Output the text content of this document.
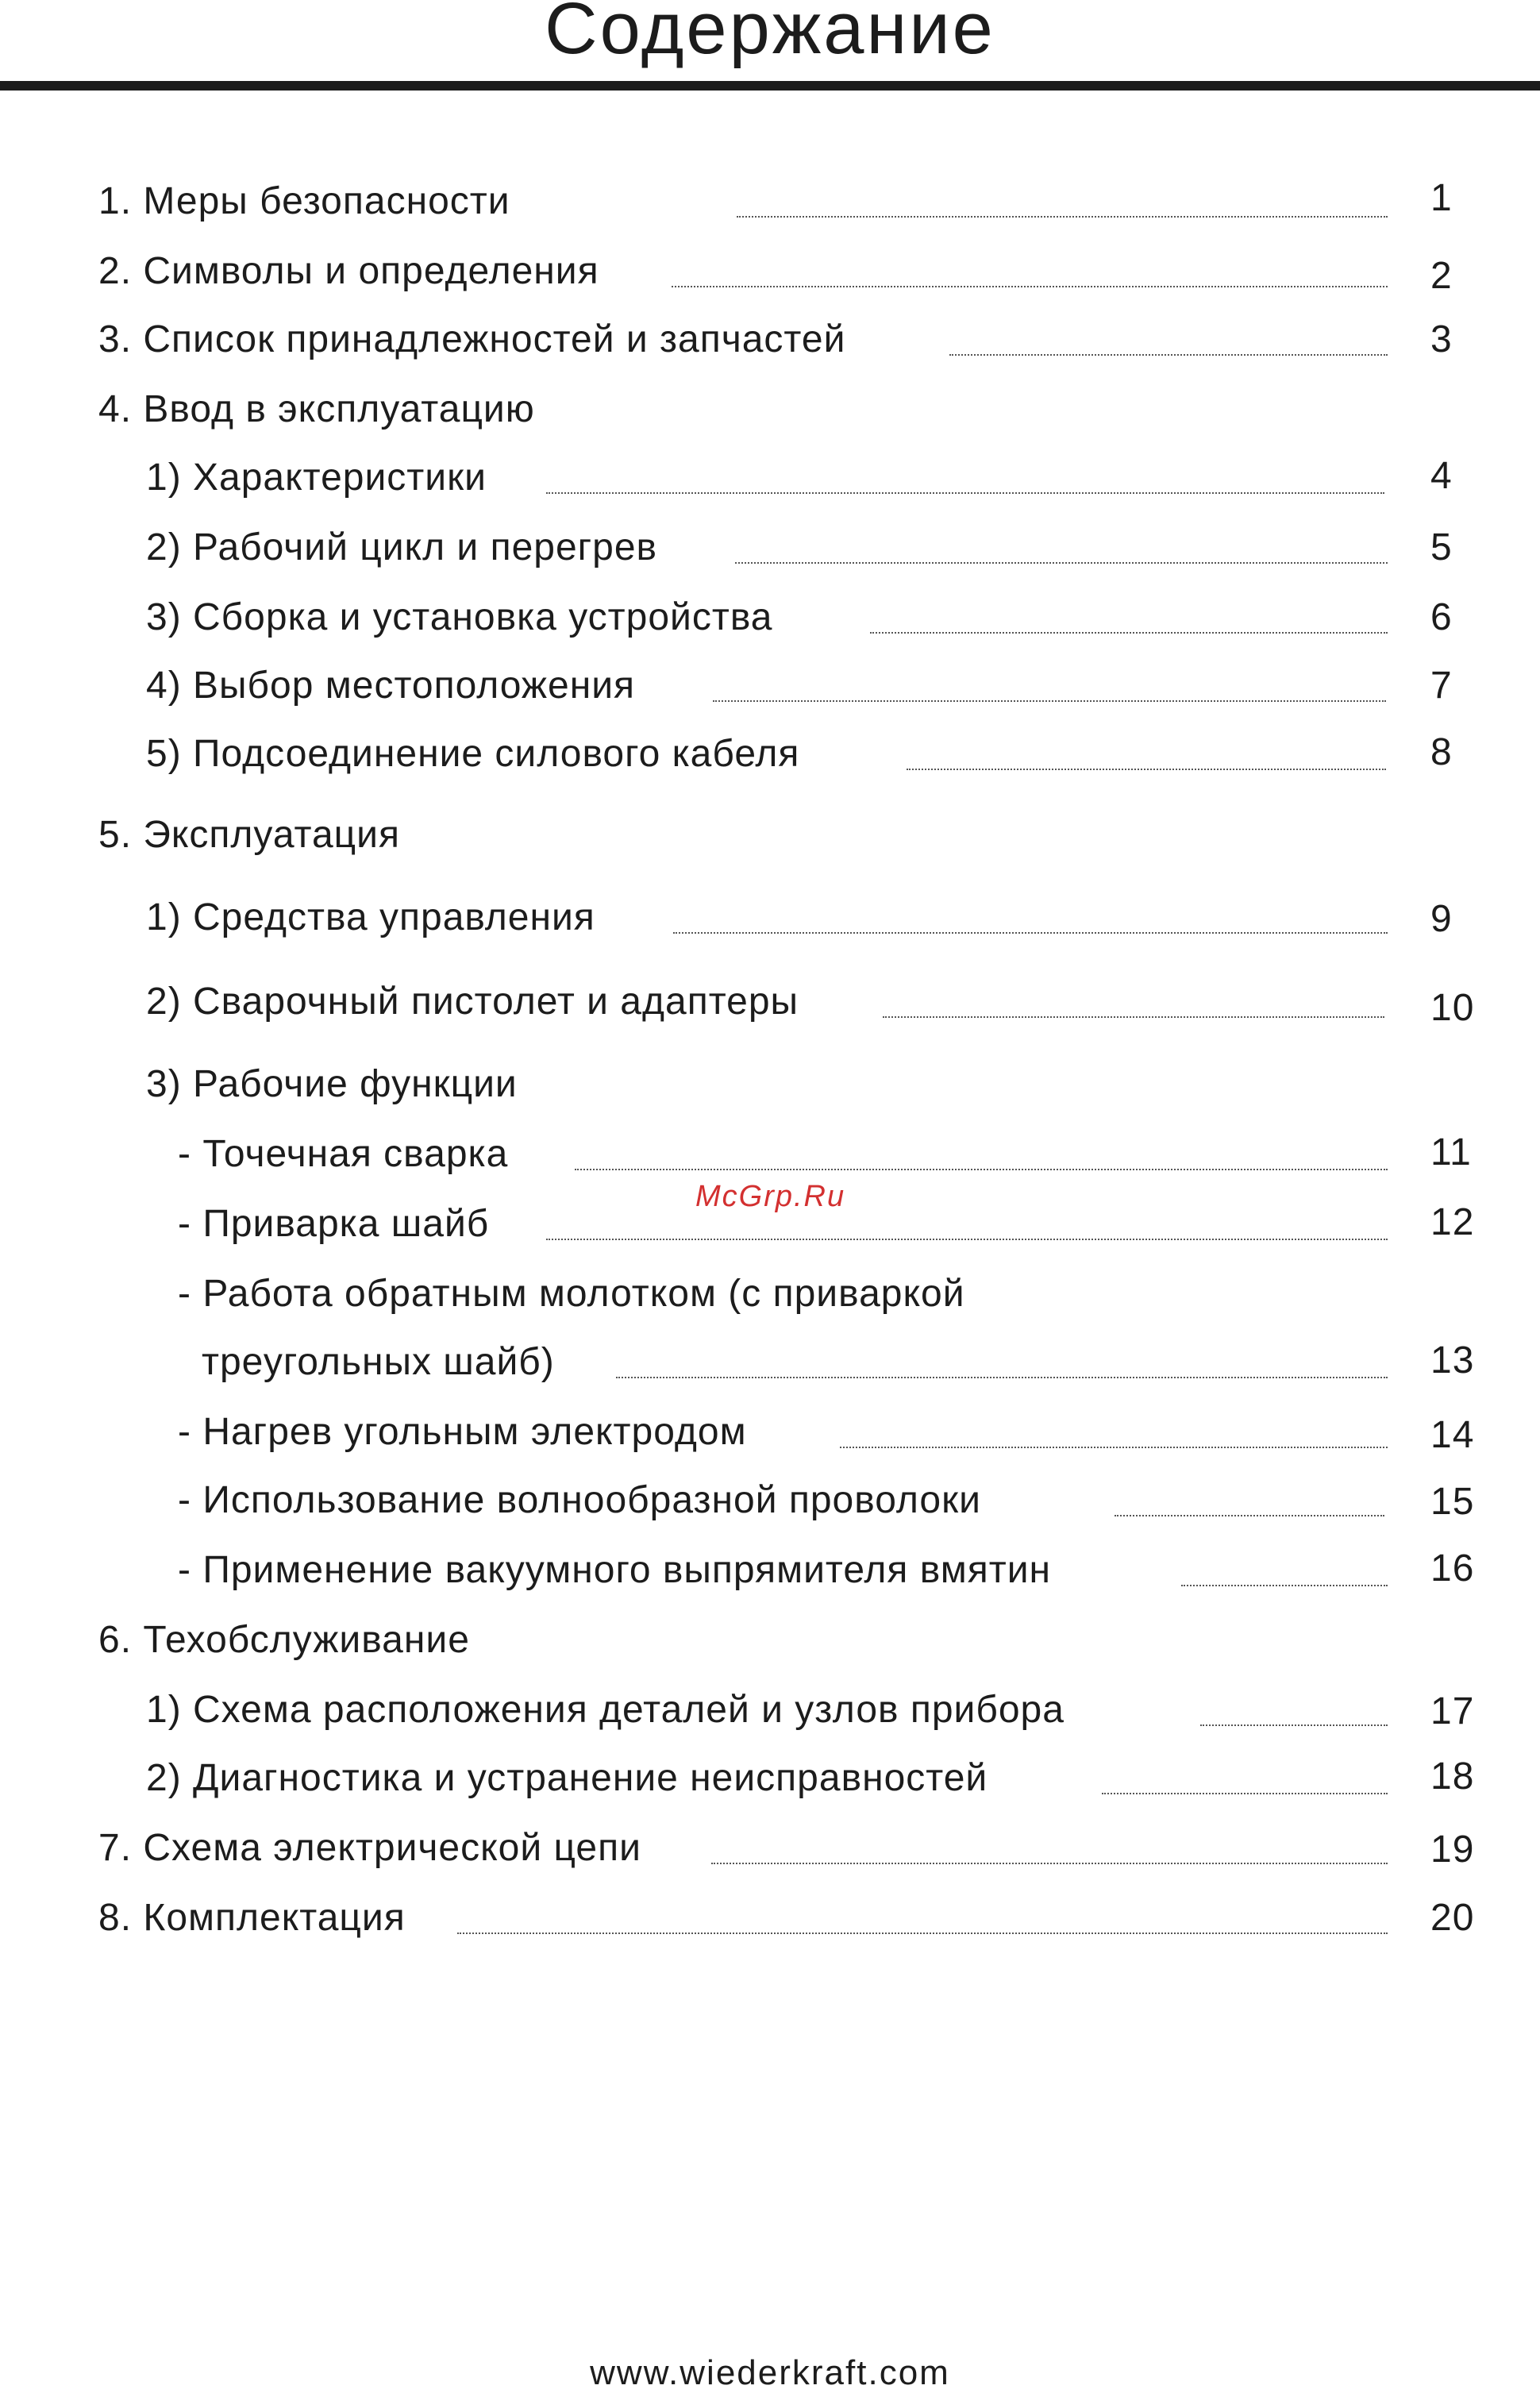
Содержание
1. Меры безопасности	1
2. Символы и определения	2
3. Список принадлежностей и запчастей	3
4. Ввод в эксплуатацию
1) Характеристики	4
2) Рабочий цикл и перегрев	5
3) Сборка и установка устройства	6
4) Выбор местоположения	7
5) Подсоединение силового кабеля	8
5. Эксплуатация
1) Средства управления	9
2) Сварочный пистолет и адаптеры	10
3) Рабочие функции
- Точечная сварка	11
- Приварка шайб	12
- Работа обратным молотком (с приваркой
треугольных шайб)	13
- Нагрев угольным электродом	14
- Использование волнообразной проволоки	15
- Применение вакуумного выпрямителя вмятин	16
6. Техобслуживание
1) Схема расположения деталей и узлов прибора	17
2) Диагностика и устранение неисправностей	18
7. Схема электрической цепи	19
8. Комплектация	20
McGrp.Ru
www.wiederkraft.com
